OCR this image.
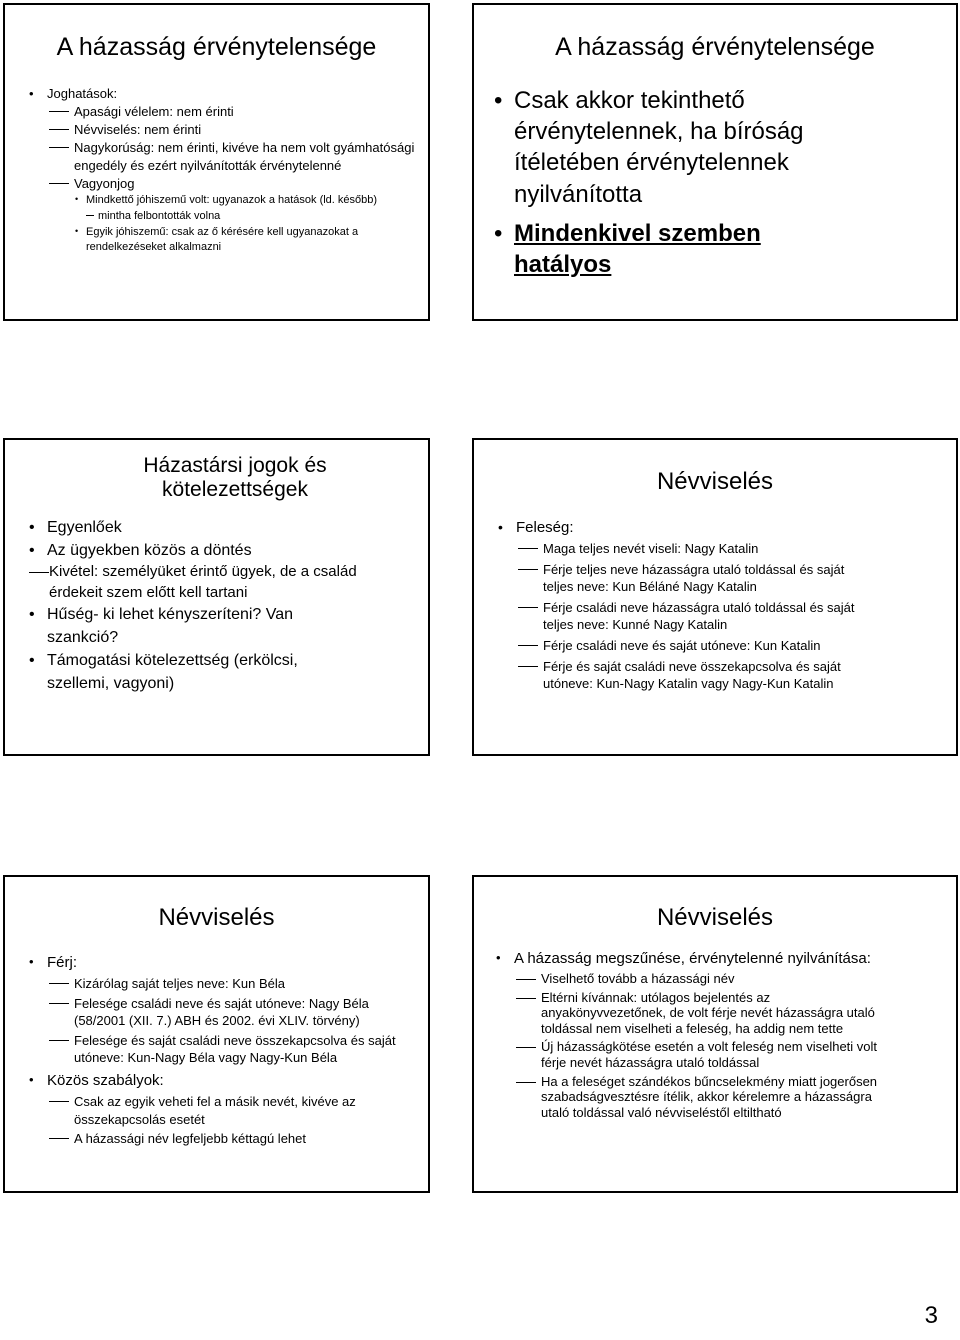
A házasság érvénytelensége
• Joghatások:
Apasági vélelem: nem érinti
Névviselés: nem érinti
Nagykorúság: nem érinti, kivéve ha nem volt gyámhatósági engedély és ezért nyilvánították érvénytelenné
Vagyonjog
• Mindkettő jóhiszemű volt: ugyanazok a hatások (ld. később)
mintha felbontották volna
• Egyik jóhiszemű: csak az ő kérésére kell ugyanazokat a rendelkezéseket alkalmazni
A házasság érvénytelensége
• Csak akkor tekinthető érvénytelennek, ha bíróság ítéletében érvénytelennek nyilvánította
• Mindenkivel szemben hatályos
Házastársi jogok és kötelezettségek
• Egyenlőek
• Az ügyekben közös a döntés
Kivétel: személyüket érintő ügyek, de a család érdekeit szem előtt kell tartani
• Hűség- ki lehet kényszeríteni? Van szankció?
• Támogatási kötelezettség (erkölcsi, szellemi, vagyoni)
Névviselés
• Feleség:
Maga teljes nevét viseli: Nagy Katalin
Férje teljes neve házasságra utaló toldással és saját teljes neve: Kun Béláné Nagy Katalin
Férje családi neve házasságra utaló toldással és saját teljes neve: Kunné Nagy Katalin
Férje családi neve és saját utóneve: Kun Katalin
Férje és saját családi neve összekapcsolva és saját utóneve: Kun-Nagy Katalin vagy Nagy-Kun Katalin
Névviselés
• Férj:
Kizárólag saját teljes neve: Kun Béla
Felesége családi neve és saját utóneve: Nagy Béla (58/2001 (XII. 7.) ABH és 2002. évi XLIV. törvény)
Felesége és saját családi neve összekapcsolva és saját utóneve: Kun-Nagy Béla vagy Nagy-Kun Béla
• Közös szabályok:
Csak az egyik veheti fel a másik nevét, kivéve az összekapcsolás esetét
A házassági név legfeljebb kéttagú lehet
Névviselés
• A házasság megszűnése, érvénytelenné nyilvánítása:
Viselhető tovább a házassági név
Eltérni kívánnak: utólagos bejelentés az anyakönyvvezetőnek, de volt férje nevét házasságra utaló toldással nem viselheti a feleség, ha addig nem tette
Új házasságkötése esetén a volt feleség nem viselheti volt férje nevét házasságra utaló toldással
Ha a feleséget szándékos bűncselekmény miatt jogerősen szabadságvesztésre ítélik, akkor kérelemre a házasságra utaló toldással való névviseléstől eltiltható
3
